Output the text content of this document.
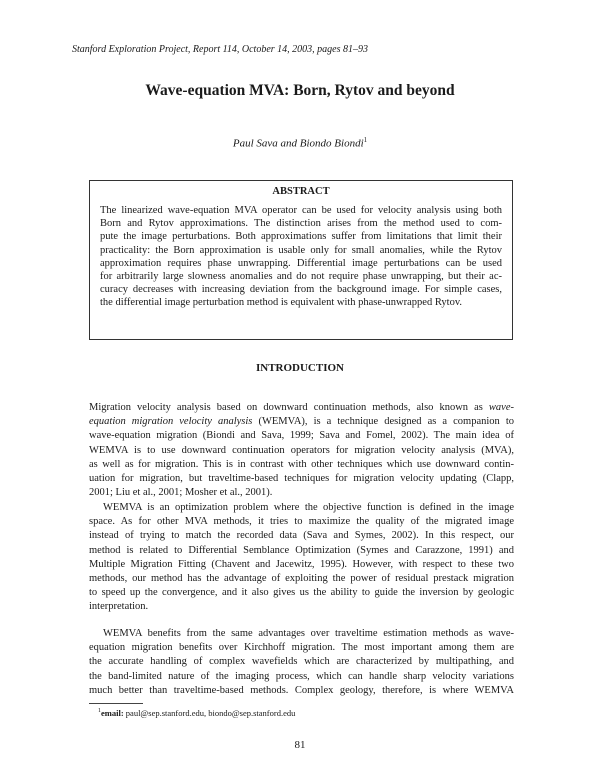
Stanford Exploration Project, Report 114, October 14, 2003, pages 81–93
Wave-equation MVA: Born, Rytov and beyond
Paul Sava and Biondo Biondi$^1$
ABSTRACT
The linearized wave-equation MVA operator can be used for velocity analysis using both
Born and Rytov approximations. The distinction arises from the method used to com-
pute the image perturbations. Both approximations suffer from limitations that limit their
practicality: the Born approximation is usable only for small anomalies, while the Rytov
approximation requires phase unwrapping. Differential image perturbations can be used
for arbitrarily large slowness anomalies and do not require phase unwrapping, but their ac-
curacy decreases with increasing deviation from the background image. For simple cases,
the differential image perturbation method is equivalent with phase-unwrapped Rytov.
INTRODUCTION
Migration velocity analysis based on downward continuation methods, also known as wave-
equation migration velocity analysis (WEMVA), is a technique designed as a companion to
wave-equation migration (Biondi and Sava, 1999; Sava and Fomel, 2002). The main idea of
WEMVA is to use downward continuation operators for migration velocity analysis (MVA),
as well as for migration. This is in contrast with other techniques which use downward contin-
uation for migration, but traveltime-based techniques for migration velocity updating (Clapp,
2001; Liu et al., 2001; Mosher et al., 2001).
WEMVA is an optimization problem where the objective function is defined in the image
space. As for other MVA methods, it tries to maximize the quality of the migrated image
instead of trying to match the recorded data (Sava and Symes, 2002). In this respect, our
method is related to Differential Semblance Optimization (Symes and Carazzone, 1991) and
Multiple Migration Fitting (Chavent and Jacewitz, 1995). However, with respect to these two
methods, our method has the advantage of exploiting the power of residual prestack migration
to speed up the convergence, and it also gives us the ability to guide the inversion by geologic
interpretation.
WEMVA benefits from the same advantages over traveltime estimation methods as wave-
equation migration benefits over Kirchhoff migration. The most important among them are
the accurate handling of complex wavefields which are characterized by multipathing, and
the band-limited nature of the imaging process, which can handle sharp velocity variations
much better than traveltime-based methods. Complex geology, therefore, is where WEMVA
$^1$email: paul@sep.stanford.edu, biondo@sep.stanford.edu
81
